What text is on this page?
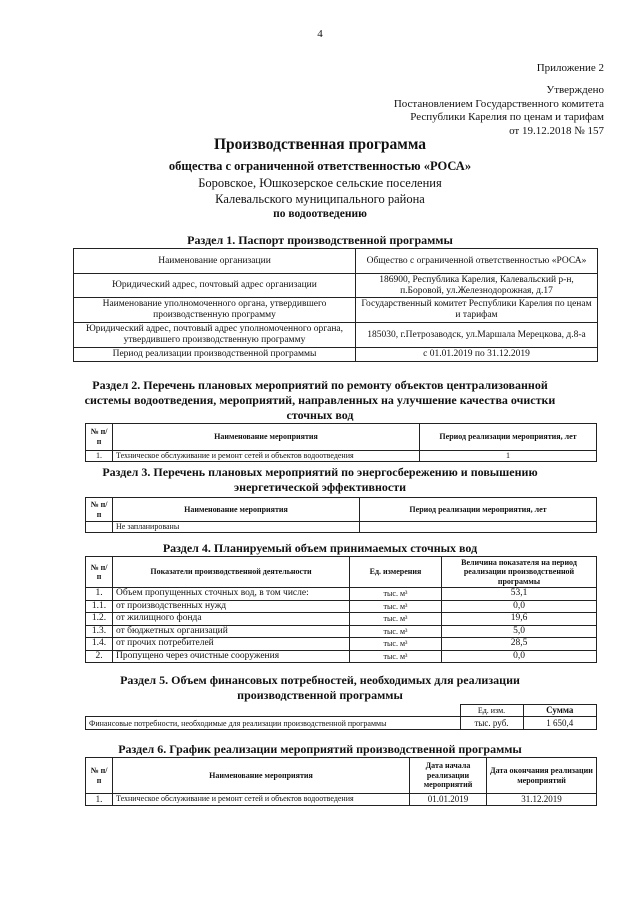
4
Приложение 2
Утверждено
Постановлением Государственного комитета
Республики Карелия по ценам и тарифам
от 19.12.2018 № 157
Производственная программа
общества с ограниченной ответственностью «РОСА»
Боровское, Юшкозерское сельские поселения
Калевальского муниципального района
по водоотведению
Раздел 1. Паспорт производственной программы
Наименование организации	Общество с ограниченной ответственностью «РОСА»
Юридический адрес, почтовый адрес организации	186900, Республика Карелия, Калевальский р-н, п.Боровой, ул.Железнодорожная, д.17
Наименование уполномоченного органа, утвердившего производственную программу	Государственный комитет Республики Карелия по ценам и тарифам
Юридический адрес, почтовый адрес уполномоченного органа, утвердившего производственную программу	185030, г.Петрозаводск, ул.Маршала Мерецкова, д.8-а
Период реализации производственной программы	с 01.01.2019 по 31.12.2019
Раздел 2. Перечень плановых мероприятий по ремонту объектов централизованной
системы водоотведения, мероприятий, направленных на улучшение качества очистки
сточных вод
№ п/п	Наименование мероприятия	Период реализации мероприятия, лет
1.	Техническое обслуживание и ремонт сетей и объектов водоотведения	1
Раздел 3. Перечень плановых мероприятий по энергосбережению и повышению
энергетической эффективности
№ п/п	Наименование мероприятия	Период реализации мероприятия, лет
	Не запланированы	
Раздел 4. Планируемый объем принимаемых сточных вод
№ п/п	Показатели производственной деятельности	Ед. измерения	Величина показателя на период реализации производственной программы
1.	Объем пропущенных сточных вод, в том числе:	тыс. м³	53,1
1.1.	от производственных нужд	тыс. м³	0,0
1.2.	от жилищного фонда	тыс. м³	19,6
1.3.	от бюджетных организаций	тыс. м³	5,0
1.4.	от прочих потребителей	тыс. м³	28,5
2.	Пропущено через очистные сооружения	тыс. м³	0,0
Раздел 5. Объем финансовых потребностей, необходимых для реализации
производственной программы
	Ед. изм.	Сумма
Финансовые потребности, необходимые для реализации производственной программы	тыс. руб.	1 650,4
Раздел 6. График реализации мероприятий производственной программы
№ п/п	Наименование мероприятия	Дата начала реализации мероприятий	Дата окончания реализации мероприятий
1.	Техническое обслуживание и ремонт сетей и объектов водоотведения	01.01.2019	31.12.2019
